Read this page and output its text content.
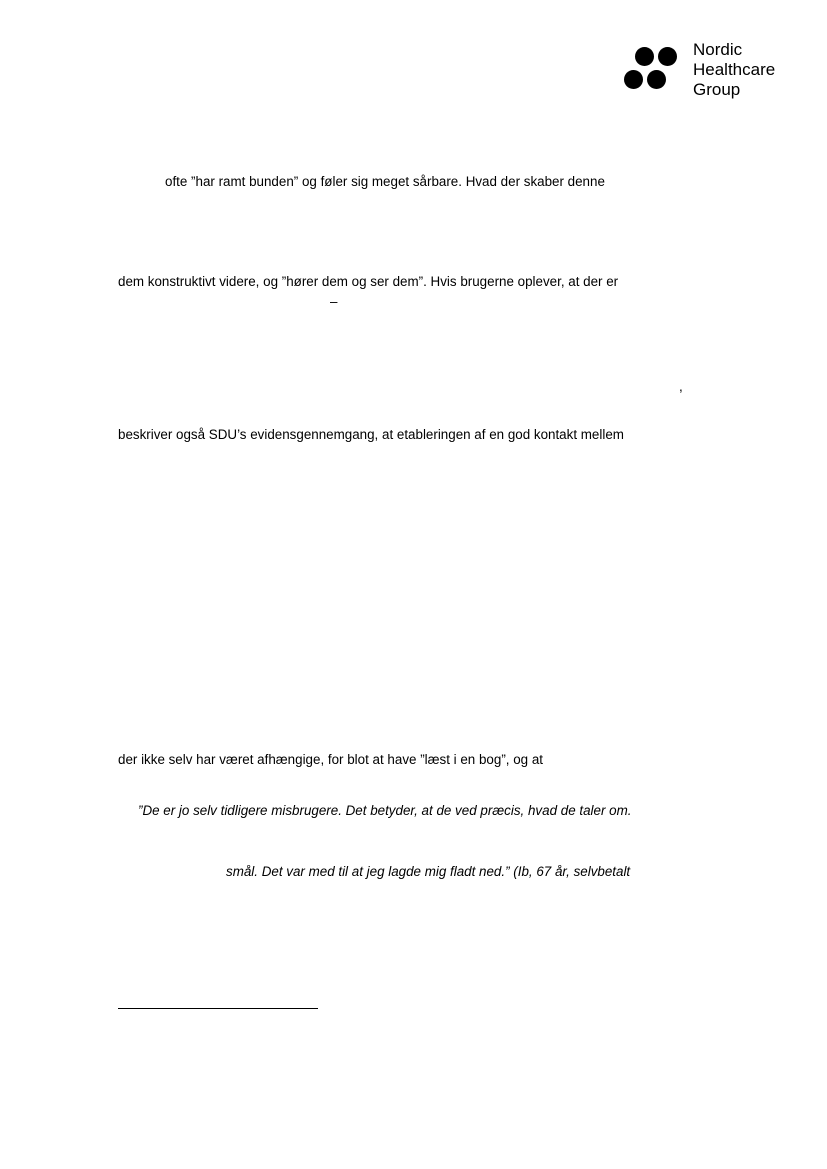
Nordic
Healthcare
Group
ofte ”har ramt bunden” og føler sig meget sårbare. Hvad der skaber denne
dem konstruktivt videre, og ”hører dem og ser dem”. Hvis brugerne oplever, at der er
–
,
beskriver også SDU’s evidensgennemgang, at etableringen af en god kontakt mellem
der ikke selv har været afhængige, for blot at have ”læst i en bog”, og at
”De er jo selv tidligere misbrugere. Det betyder, at de ved præcis, hvad de taler om.
smål. Det var med til at jeg lagde mig fladt ned.” (Ib, 67 år, selvbetalt
